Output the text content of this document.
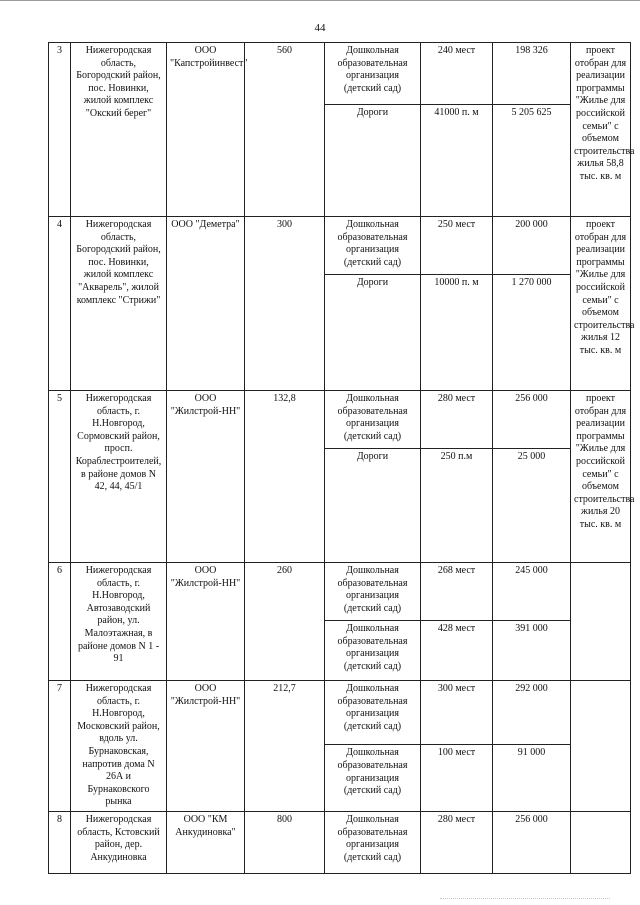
44
3	Нижегородская область, Богородский район, пос. Новинки, жилой комплекс "Окский берег"	ООО "Капстройинвест"	560	Дошкольная образовательная организация (детский сад)	240 мест	198 326	проект отобран для реализации программы "Жилье для российской семьи" с объемом строительства жилья 58,8 тыс. кв. м
				Дороги	41000 п. м	5 205 625	
4	Нижегородская область, Богородский район, пос. Новинки, жилой комплекс "Акварель", жилой комплекс "Стрижи"	ООО "Деметра"	300	Дошкольная образовательная организация (детский сад)	250 мест	200 000	проект отобран для реализации программы "Жилье для российской семьи" с объемом строительства жилья 12 тыс. кв. м
				Дороги	10000 п. м	1 270 000	
5	Нижегородская область, г. Н.Новгород, Сормовский район, просп. Кораблестроителей, в районе домов N 42, 44, 45/1	ООО "Жилстрой-НН"	132,8	Дошкольная образовательная организация (детский сад)	280 мест	256 000	проект отобран для реализации программы "Жилье для российской семьи" с объемом строительства жилья 20 тыс. кв. м
				Дороги	250 п.м	25 000	
6	Нижегородская область, г. Н.Новгород, Автозаводский район, ул. Малоэтажная, в районе домов N 1 - 91	ООО "Жилстрой-НН"	260	Дошкольная образовательная организация (детский сад)	268 мест	245 000	
				Дошкольная образовательная организация (детский сад)	428 мест	391 000	
7	Нижегородская область, г. Н.Новгород, Московский район, вдоль ул. Бурнаковская, напротив дома N 26А и Бурнаковского рынка	ООО "Жилстрой-НН"	212,7	Дошкольная образовательная организация (детский сад)	300 мест	292 000	
				Дошкольная образовательная организация (детский сад)	100 мест	91 000	
8	Нижегородская область, Кстовский район, дер. Анкудиновка	ООО "КМ Анкудиновка"	800	Дошкольная образовательная организация (детский сад)	280 мест	256 000	
